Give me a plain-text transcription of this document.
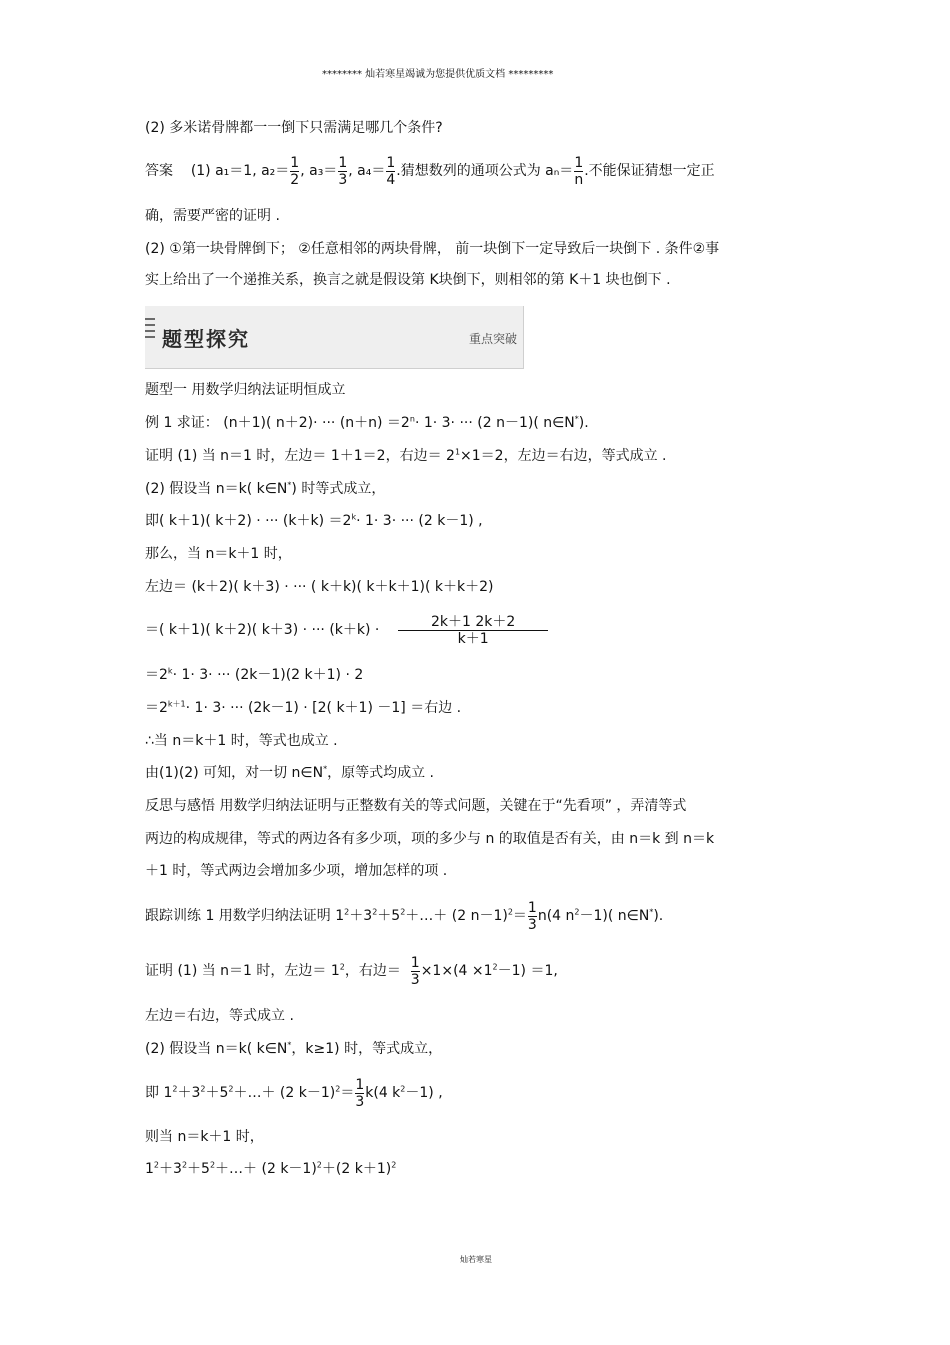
******** 灿若寒星竭诚为您提供优质文档 *********
(2) 多米诺骨牌都一一倒下只需满足哪几个条件?
答案 (1) a₁＝1, $a_2= \frac{1}{2}$ , $a_3= \frac{1}{3}$ , $a_4= \frac{1}{4}$ .猜想数列的通项公式为 $a_n= \frac{1}{n}$ .不能保证猜想一定正
确，需要严密的证明 .
(2) ①第一块骨牌倒下； ②任意相邻的两块骨牌， 前一块倒下一定导致后一块倒下 . 条件②事
实上给出了一个递推关系，换言之就是假设第 K块倒下，则相邻的第 K＋1 块也倒下 .
题型探究	重点突破
题型一 用数学归纳法证明恒成立
例 1 求证： (n＋1)( n＋2)· ··· $(n+n) =2^n\cdot 1\cdot 3\cdot$ ··· (2 n－1)( n∈N*).
证明 (1) 当 n＝1 时，左边＝ 1＋1＝2，右边＝ $2^1\times 1=2$，左边＝右边，等式成立 .
(2) 假设当 n＝k( k∈N*) 时等式成立，
即( k＋1)( k＋2) · ··· $(k+k) =2^k\cdot 1\cdot 3\cdot$ ··· (2 k－1) ,
那么，当 n＝k＋1 时，
左边＝ (k＋2)( k＋3) · ··· ( k＋k)( k＋k＋1)( k＋k＋2)
＝( k＋1)( k＋2)( k＋3) · ··· $(k+k) \cdot \frac{2k+1 2k+2}{k+1}$
$=2^k\cdot 1\cdot 3\cdot$ ··· (2k－1)(2 k＋1) · 2
$=2^{k+1}\cdot 1\cdot 3\cdot$ ··· (2k－1) · [2( k＋1) －1] ＝右边 .
∴当 n＝k＋1 时，等式也成立 .
由(1)(2) 可知，对一切 n∈N*，原等式均成立 .
反思与感悟 用数学归纳法证明与正整数有关的等式问题，关键在于“先看项” ，弄清等式
两边的构成规律，等式的两边各有多少项，项的多少与 n 的取值是否有关，由 n＝k 到 n＝k
＋1 时，等式两边会增加多少项，增加怎样的项 .
跟踪训练 1 用数学归纳法证明 $1^2+3^2+5^2+\dots+ (2$ $n-1)^2= \frac{1}{3} n(4$ $n^2-1$)( n∈N*).
证明 (1) 当 n＝1 时，左边＝ $1^2$，右边＝ $\frac{1}{3} \times 1\times(4 \times 1^2-1) =1$,
左边＝右边，等式成立 .
(2) 假设当 n＝k( k∈N*，k≥1) 时，等式成立，
即 $1^2+3^2+5^2+\dots+ (2$ $k-1)^2= \frac{1}{3} k(4$ $k^2-1$) ,
则当 n＝k＋1 时，
$1^2+3^2+5^2+\dots+ (2$ k－1)$^2$＋(2 k＋1)$^2$
灿若寒星
